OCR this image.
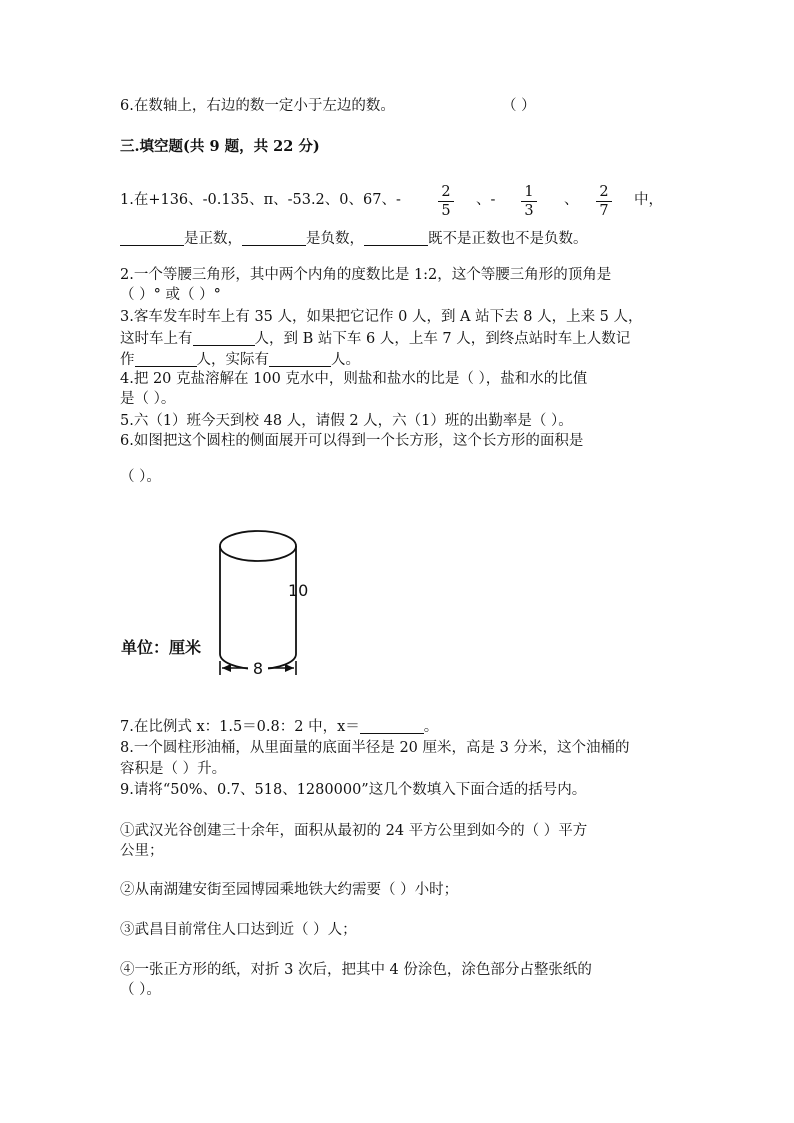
6.在数轴上，右边的数一定小于左边的数。	（ ）
三.填空题(共 9 题，共 22 分)
1.在+136、-0.135、π、-53.2、0、67、-	2
5
、-	1
3
、	2
7
中，
是正数，	是负数，	既不是正数也不是负数。
2.一个等腰三角形，其中两个内角的度数比是 1:2，这个等腰三角形的顶角是
（ ）° 或（ ）°
3.客车发车时车上有 35 人，如果把它记作 0 人，到 A 站下去 8 人，上来 5 人，
这时车上有	人，到 B 站下车 6 人，上车 7 人，到终点站时车上人数记
作	人，实际有	人。
4.把 20 克盐溶解在 100 克水中，则盐和盐水的比是（ ），盐和水的比值
是（ ）。
5.六（1）班今天到校 48 人，请假 2 人，六（1）班的出勤率是（ ）。
6.如图把这个圆柱的侧面展开可以得到一个长方形，这个长方形的面积是
（ ）。
8
10
单位：厘米
7.在比例式 x：1.5＝0.8：2 中，x＝	。
8.一个圆柱形油桶，从里面量的底面半径是 20 厘米，高是 3 分米，这个油桶的
容积是（ ）升。
9.请将“50%、0.7、518、1280000”这几个数填入下面合适的括号内。
①武汉光谷创建三十余年，面积从最初的 24 平方公里到如今的（ ）平方
公里；
②从南湖建安街至园博园乘地铁大约需要（ ）小时；
③武昌目前常住人口达到近（ ）人；
④一张正方形的纸，对折 3 次后，把其中 4 份涂色，涂色部分占整张纸的
（ ）。
